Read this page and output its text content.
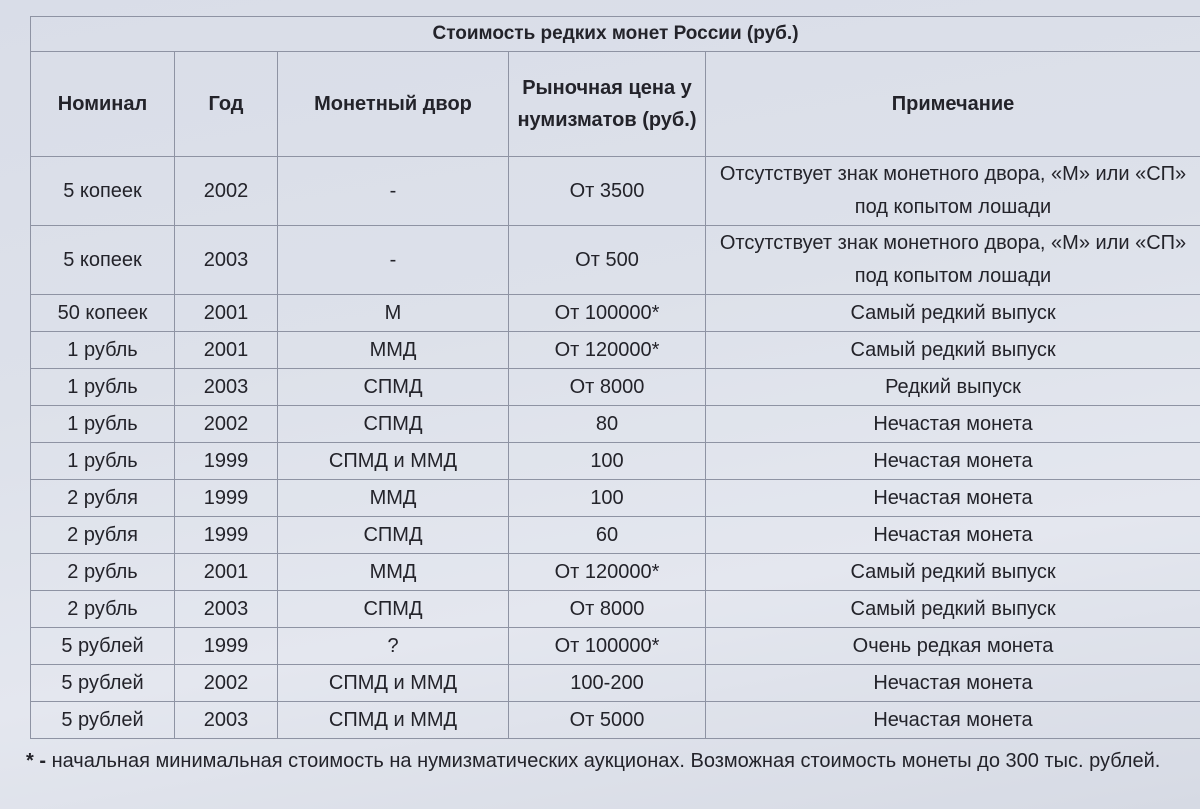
Стоимость редких монет России (руб.)				
Номинал	Год	Монетный двор	Рыночная цена у нумизматов (руб.)	Примечание
5 копеек	2002	-	От 3500	Отсутствует знак монетного двора, «М» или «СП» под копытом лошади
5 копеек	2003	-	От 500	Отсутствует знак монетного двора, «М» или «СП» под копытом лошади
50 копеек	2001	М	От 100000*	Самый редкий выпуск
1 рубль	2001	ММД	От 120000*	Самый редкий выпуск
1 рубль	2003	СПМД	От 8000	Редкий выпуск
1 рубль	2002	СПМД	80	Нечастая монета
1 рубль	1999	СПМД и ММД	100	Нечастая монета
2 рубля	1999	ММД	100	Нечастая монета
2 рубля	1999	СПМД	60	Нечастая монета
2 рубль	2001	ММД	От 120000*	Самый редкий выпуск
2 рубль	2003	СПМД	От 8000	Самый редкий выпуск
5 рублей	1999	?	От 100000*	Очень редкая монета
5 рублей	2002	СПМД и ММД	100-200	Нечастая монета
5 рублей	2003	СПМД и ММД	От 5000	Нечастая монета
* - начальная минимальная стоимость на нумизматических аукционах. Возможная стоимость монеты до 300 тыс. рублей.
